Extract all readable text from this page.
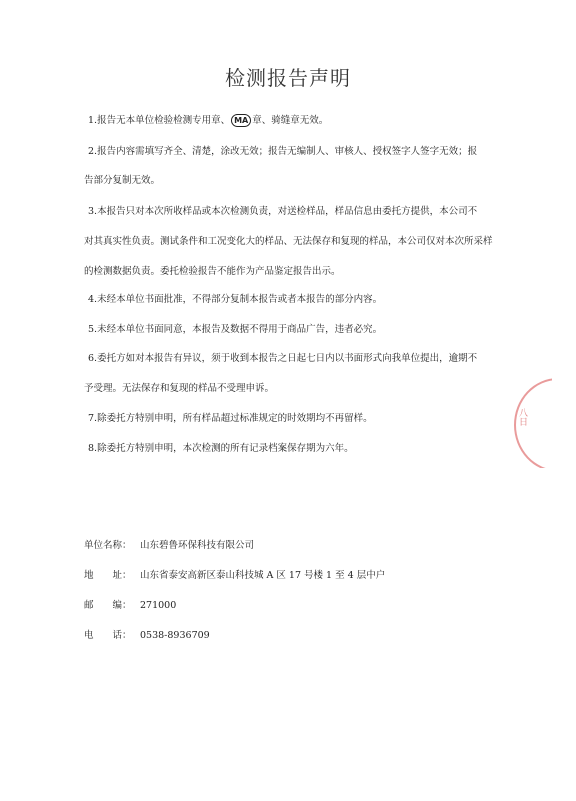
检测报告声明
1.报告无本单位检验检测专用章、 MA 章、骑缝章无效。
2.报告内容需填写齐全、清楚，涂改无效；报告无编制人、审核人、授权签字人签字无效；报
告部分复制无效。
3.本报告只对本次所收样品或本次检测负责，对送检样品，样品信息由委托方提供，本公司不
对其真实性负责。测试条件和工况变化大的样品、无法保存和复现的样品，本公司仅对本次所采样
的检测数据负责。委托检验报告不能作为产品鉴定报告出示。
4.未经本单位书面批准，不得部分复制本报告或者本报告的部分内容。
5.未经本单位书面同意，本报告及数据不得用于商品广告，违者必究。
6.委托方如对本报告有异议，须于收到本报告之日起七日内以书面形式向我单位提出，逾期不
予受理。无法保存和复现的样品不受理申诉。
7.除委托方特别申明，所有样品超过标准规定的时效期均不再留样。
8.除委托方特别申明，本次检测的所有记录档案保存期为六年。
单位名称： 山东碧鲁环保科技有限公司
地　　址： 山东省泰安高新区泰山科技城 A 区 17 号楼 1 至 4 层中户
邮　　编： 271000
电　　话： 0538-8936709
八日
